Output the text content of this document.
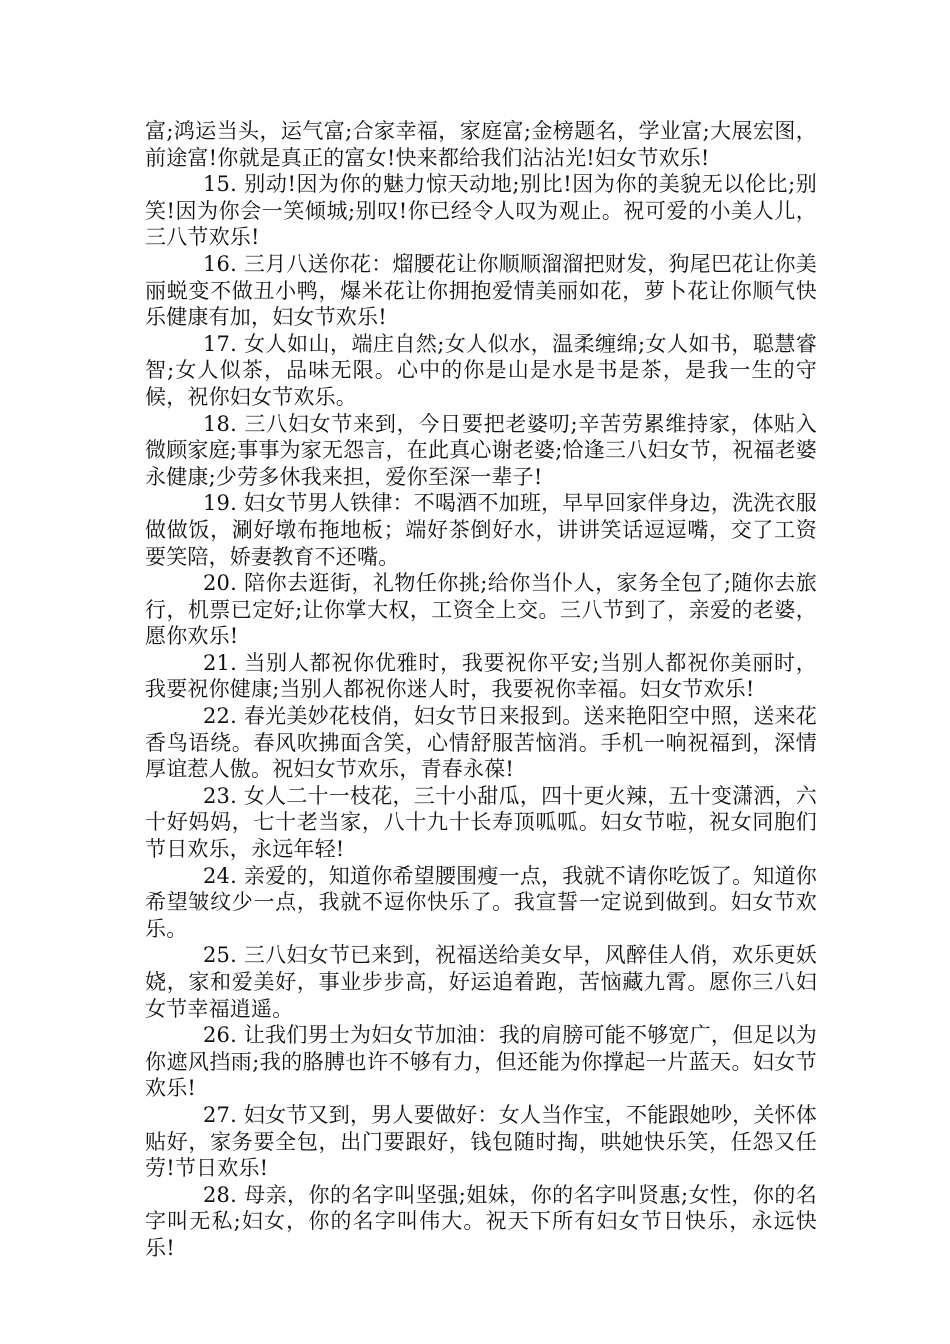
富;鸿运当头，运气富;合家幸福，家庭富;金榜题名，学业富;大展宏图，前途富!你就是真正的富女!快来都给我们沾沾光!妇女节欢乐!

15. 别动!因为你的魅力惊天动地;别比!因为你的美貌无以伦比;别笑!因为你会一笑倾城;别叹!你已经令人叹为观止。祝可爱的小美人儿，三八节欢乐!

16. 三月八送你花：熘腰花让你顺顺溜溜把财发，狗尾巴花让你美丽蜕变不做丑小鸭，爆米花让你拥抱爱情美丽如花，萝卜花让你顺气快乐健康有加，妇女节欢乐!

17. 女人如山，端庄自然;女人似水，温柔缠绵;女人如书，聪慧睿智;女人似茶，品味无限。心中的你是山是水是书是茶，是我一生的守候，祝你妇女节欢乐。

18. 三八妇女节来到，今日要把老婆叨;辛苦劳累维持家，体贴入微顾家庭;事事为家无怨言，在此真心谢老婆;恰逢三八妇女节，祝福老婆永健康;少劳多休我来担，爱你至深一辈子!

19. 妇女节男人铁律：不喝酒不加班，早早回家伴身边，洗洗衣服做做饭，涮好墩布拖地板；端好茶倒好水，讲讲笑话逗逗嘴，交了工资要笑陪，娇妻教育不还嘴。

20. 陪你去逛街，礼物任你挑;给你当仆人，家务全包了;随你去旅行，机票已定好;让你掌大权，工资全上交。三八节到了，亲爱的老婆，愿你欢乐!

21. 当别人都祝你优雅时，我要祝你平安;当别人都祝你美丽时，我要祝你健康;当别人都祝你迷人时，我要祝你幸福。妇女节欢乐!

22. 春光美妙花枝俏，妇女节日来报到。送来艳阳空中照，送来花香鸟语绕。春风吹拂面含笑，心情舒服苦恼消。手机一响祝福到，深情厚谊惹人傲。祝妇女节欢乐，青春永葆!

23. 女人二十一枝花，三十小甜瓜，四十更火辣，五十变潇洒，六十好妈妈，七十老当家，八十九十长寿顶呱呱。妇女节啦，祝女同胞们节日欢乐，永远年轻!

24. 亲爱的，知道你希望腰围瘦一点，我就不请你吃饭了。知道你希望皱纹少一点，我就不逗你快乐了。我宣誓一定说到做到。妇女节欢乐。

25. 三八妇女节已来到，祝福送给美女早，风醉佳人俏，欢乐更妖娆，家和爱美好，事业步步高，好运追着跑，苦恼藏九霄。愿你三八妇女节幸福逍遥。

26. 让我们男士为妇女节加油：我的肩膀可能不够宽广，但足以为你遮风挡雨;我的胳膊也许不够有力，但还能为你撑起一片蓝天。妇女节欢乐!

27. 妇女节又到，男人要做好：女人当作宝，不能跟她吵，关怀体贴好，家务要全包，出门要跟好，钱包随时掏，哄她快乐笑，任怨又任劳!节日欢乐!

28. 母亲，你的名字叫坚强;姐妹，你的名字叫贤惠;女性，你的名字叫无私;妇女，你的名字叫伟大。祝天下所有妇女节日快乐，永远快乐!
